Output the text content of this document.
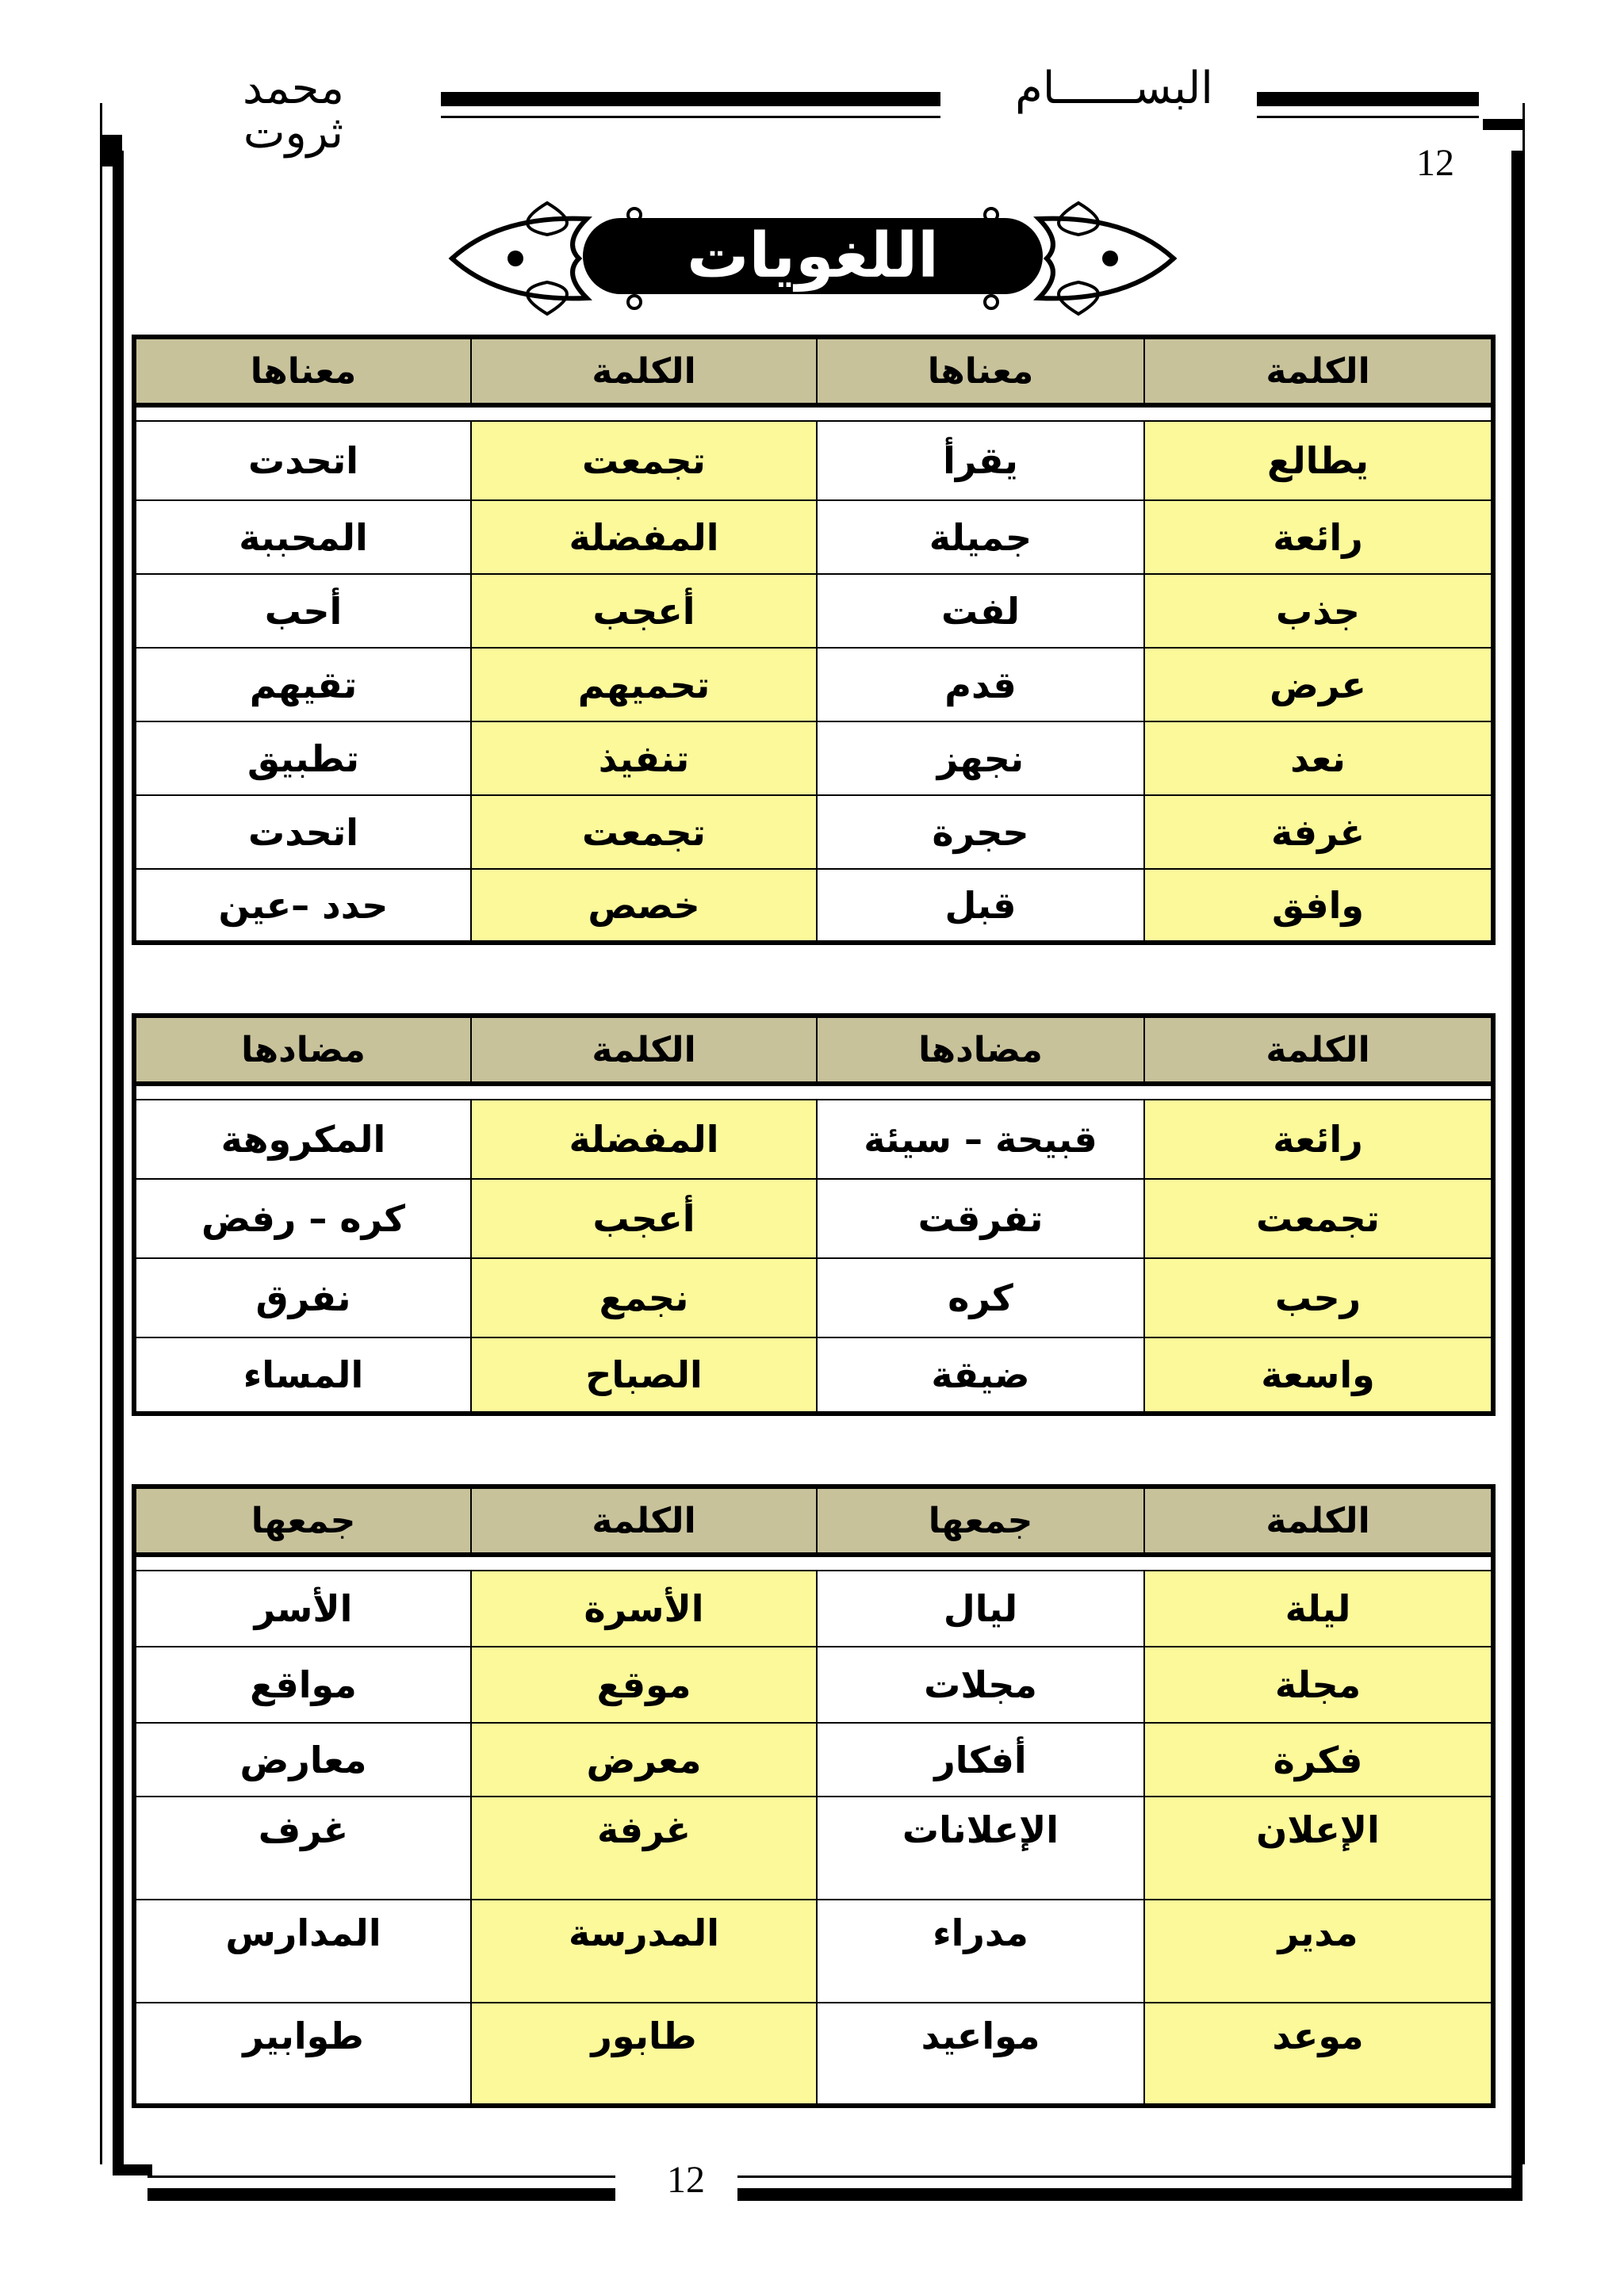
محمد ثروت
البســــــام
12
اللغويات
معناها	الكلمة	معناها	الكلمة

اتحدت	تجمعت	يقرأ	يطالع
المحببة	المفضلة	جميلة	رائعة
أحب	أعجب	لفت	جذب
تقيهم	تحميهم	قدم	عرض
تطبيق	تنفيذ	نجهز	نعد
اتحدت	تجمعت	حجرة	غرفة
حدد –عين	خصص	قبل	وافق
مضادها	الكلمة	مضادها	الكلمة

المكروهة	المفضلة	قبيحة – سيئة	رائعة
كره – رفض	أعجب	تفرقت	تجمعت
نفرق	نجمع	كره	رحب
المساء	الصباح	ضيقة	واسعة
جمعها	الكلمة	جمعها	الكلمة

الأسر	الأسرة	ليال	ليلة
مواقع	موقع	مجلات	مجلة
معارض	معرض	أفكار	فكرة
غرف	غرفة	الإعلانات	الإعلان
المدارس	المدرسة	مدراء	مدير
طوابير	طابور	مواعيد	موعد
12
